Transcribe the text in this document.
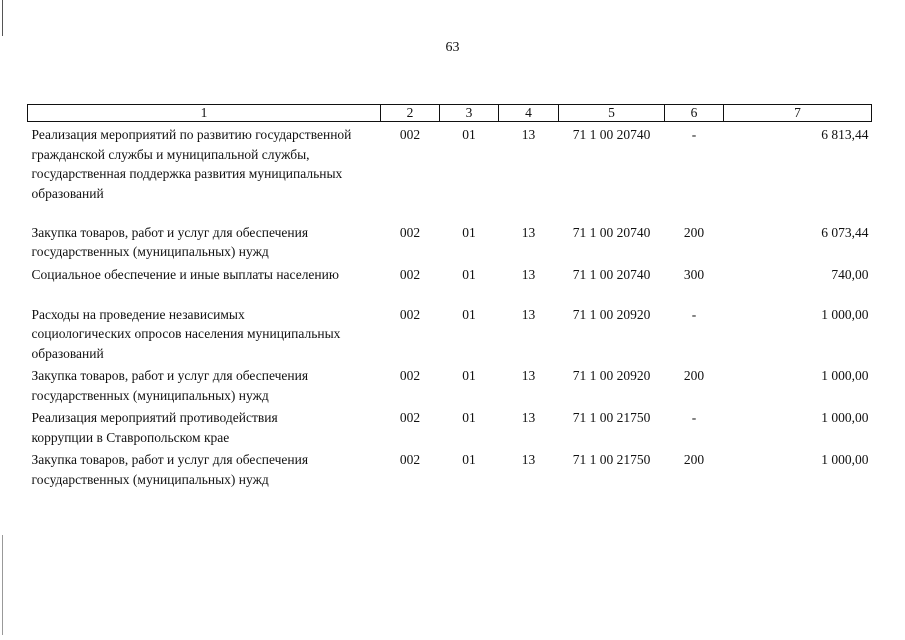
63
1	2	3	4	5	6	7
Реализация мероприятий по развитию государственной гражданской службы и муниципальной службы, государственная поддержка развития муниципальных образований	002	01	13	71 1 00 20740	-	6 813,44
Закупка товаров, работ и услуг для обеспечения государственных (муниципальных) нужд	002	01	13	71 1 00 20740	200	6 073,44
Социальное обеспечение и иные выплаты населению	002	01	13	71 1 00 20740	300	740,00
Расходы на проведение независимых социологических опросов населения муниципальных образований	002	01	13	71 1 00 20920	-	1 000,00
Закупка товаров, работ и услуг для обеспечения государственных (муниципальных) нужд	002	01	13	71 1 00 20920	200	1 000,00
Реализация мероприятий противодействия коррупции в Ставропольском крае	002	01	13	71 1 00 21750	-	1 000,00
Закупка товаров, работ и услуг для обеспечения государственных (муниципальных) нужд	002	01	13	71 1 00 21750	200	1 000,00
